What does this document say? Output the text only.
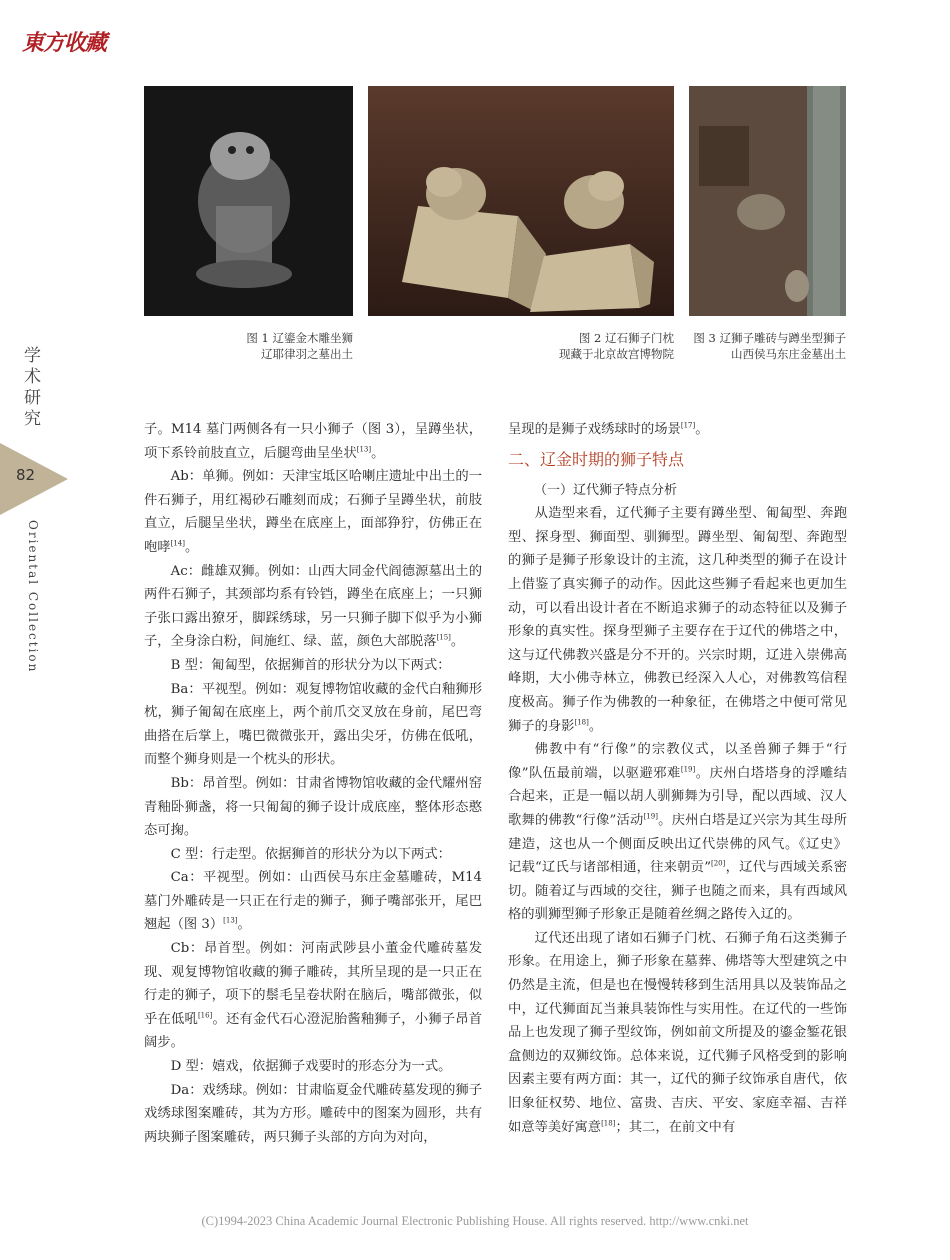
東方收藏
图 1 辽鎏金木雕坐狮
辽耶律羽之墓出土
图 2 辽石狮子门枕
现藏于北京故宫博物院
图 3 辽狮子雕砖与蹲坐型狮子
山西侯马东庄金墓出土
学
术
研
究
82
Oriental Collection

子。M14 墓门两侧各有一只小狮子（图 3），呈蹲坐状，项下系铃前肢直立，后腿弯曲呈坐状[13]。

Ab：单狮。例如：天津宝坻区哈喇庄遗址中出土的一件石狮子，用红褐砂石雕刻而成；石狮子呈蹲坐状，前肢直立，后腿呈坐状，蹲坐在底座上，面部狰狞，仿佛正在咆哮[14]。

Ac：雌雄双狮。例如：山西大同金代阎德源墓出土的两件石狮子，其颈部均系有铃铛，蹲坐在底座上；一只狮子张口露出獠牙，脚踩绣球，另一只狮子脚下似乎为小狮子，全身涂白粉，间施红、绿、蓝，颜色大部脱落[15]。

B 型：匍匐型，依据狮首的形状分为以下两式：

Ba：平视型。例如：观复博物馆收藏的金代白釉狮形枕，狮子匍匐在底座上，两个前爪交叉放在身前，尾巴弯曲搭在后掌上，嘴巴微微张开，露出尖牙，仿佛在低吼，而整个狮身则是一个枕头的形状。

Bb：昂首型。例如：甘肃省博物馆收藏的金代耀州窑青釉卧狮盏，将一只匍匐的狮子设计成底座，整体形态憨态可掬。

C 型：行走型。依据狮首的形状分为以下两式：

Ca：平视型。例如：山西侯马东庄金墓雕砖，M14 墓门外雕砖是一只正在行走的狮子，狮子嘴部张开，尾巴翘起（图 3）[13]。

Cb：昂首型。例如：河南武陟县小董金代雕砖墓发现、观复博物馆收藏的狮子雕砖，其所呈现的是一只正在行走的狮子，项下的鬃毛呈卷状附在脑后，嘴部微张，似乎在低吼[16]。还有金代石心澄泥胎酱釉狮子，小狮子昂首阔步。

D 型：嬉戏，依据狮子戏要时的形态分为一式。

Da：戏绣球。例如：甘肃临夏金代雕砖墓发现的狮子戏绣球图案雕砖，其为方形。雕砖中的图案为圆形，共有两块狮子图案雕砖，两只狮子头部的方向为对向，

呈现的是狮子戏绣球时的场景[17]。

二、辽金时期的狮子特点

（一）辽代狮子特点分析

从造型来看，辽代狮子主要有蹲坐型、匍匐型、奔跑型、探身型、狮面型、驯狮型。蹲坐型、匍匐型、奔跑型的狮子是狮子形象设计的主流，这几种类型的狮子在设计上借鉴了真实狮子的动作。因此这些狮子看起来也更加生动，可以看出设计者在不断追求狮子的动态特征以及狮子形象的真实性。探身型狮子主要存在于辽代的佛塔之中，这与辽代佛教兴盛是分不开的。兴宗时期，辽进入崇佛高峰期，大小佛寺林立，佛教已经深入人心，对佛教笃信程度极高。狮子作为佛教的一种象征，在佛塔之中便可常见狮子的身影[18]。

佛教中有“行像”的宗教仪式，以圣兽狮子舞于“行像”队伍最前端，以驱避邪难[19]。庆州白塔塔身的浮雕结合起来，正是一幅以胡人驯狮舞为引导，配以西域、汉人歌舞的佛教“行像”活动[19]。庆州白塔是辽兴宗为其生母所建造，这也从一个侧面反映出辽代崇佛的风气。《辽史》记载“辽氏与诸部相通，往来朝贡”[20]，辽代与西域关系密切。随着辽与西域的交往，狮子也随之而来，具有西域风格的驯狮型狮子形象正是随着丝绸之路传入辽的。

辽代还出现了诸如石狮子门枕、石狮子角石这类狮子形象。在用途上，狮子形象在墓葬、佛塔等大型建筑之中仍然是主流，但是也在慢慢转移到生活用具以及装饰品之中，辽代狮面瓦当兼具装饰性与实用性。在辽代的一些饰品上也发现了狮子型纹饰，例如前文所提及的鎏金錾花银盒侧边的双狮纹饰。总体来说，辽代狮子风格受到的影响因素主要有两方面：其一，辽代的狮子纹饰承自唐代，依旧象征权势、地位、富贵、吉庆、平安、家庭幸福、吉祥如意等美好寓意[18]；其二，在前文中有

(C)1994-2023 China Academic Journal Electronic Publishing House. All rights reserved. http://www.cnki.net
